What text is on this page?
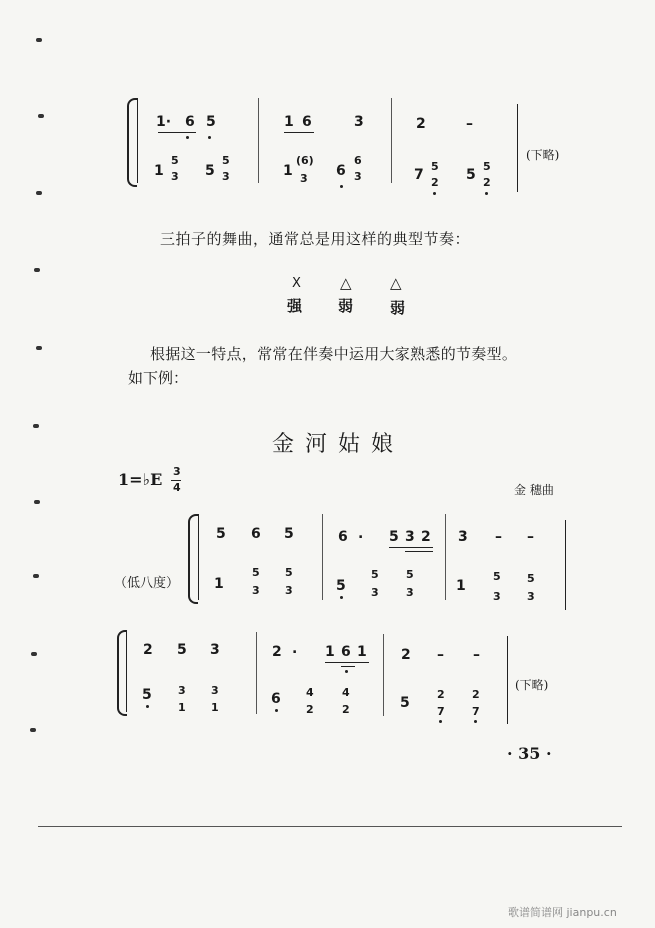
1· 6 5
1
5
3 5
5
3
1 6	3
1
(6)
3 6
6
3
2	–
7
5
2 5
5
2
(下略)
三拍子的舞曲，通常总是用这样的典型节奏：
X	△	△
强 弱 弱
根据这一特点，常常在伴奏中运用大家熟悉的节奏型。
如下例：
金 河 姑 娘
1=♭E 3
4	金 穗曲
（低八度）
5 6 5
1
5
3
5
3
6 . 5 3 2
5
5
3
5
3
3 – –
1
5
3
5
3
2 5 3
5 3
1
3
1
2 . 1 6 1
6 4
2
4
2
2 – –
5
2
7
2
7
(下略)
· 35 ·
歌谱简谱网 jianpu.cn
